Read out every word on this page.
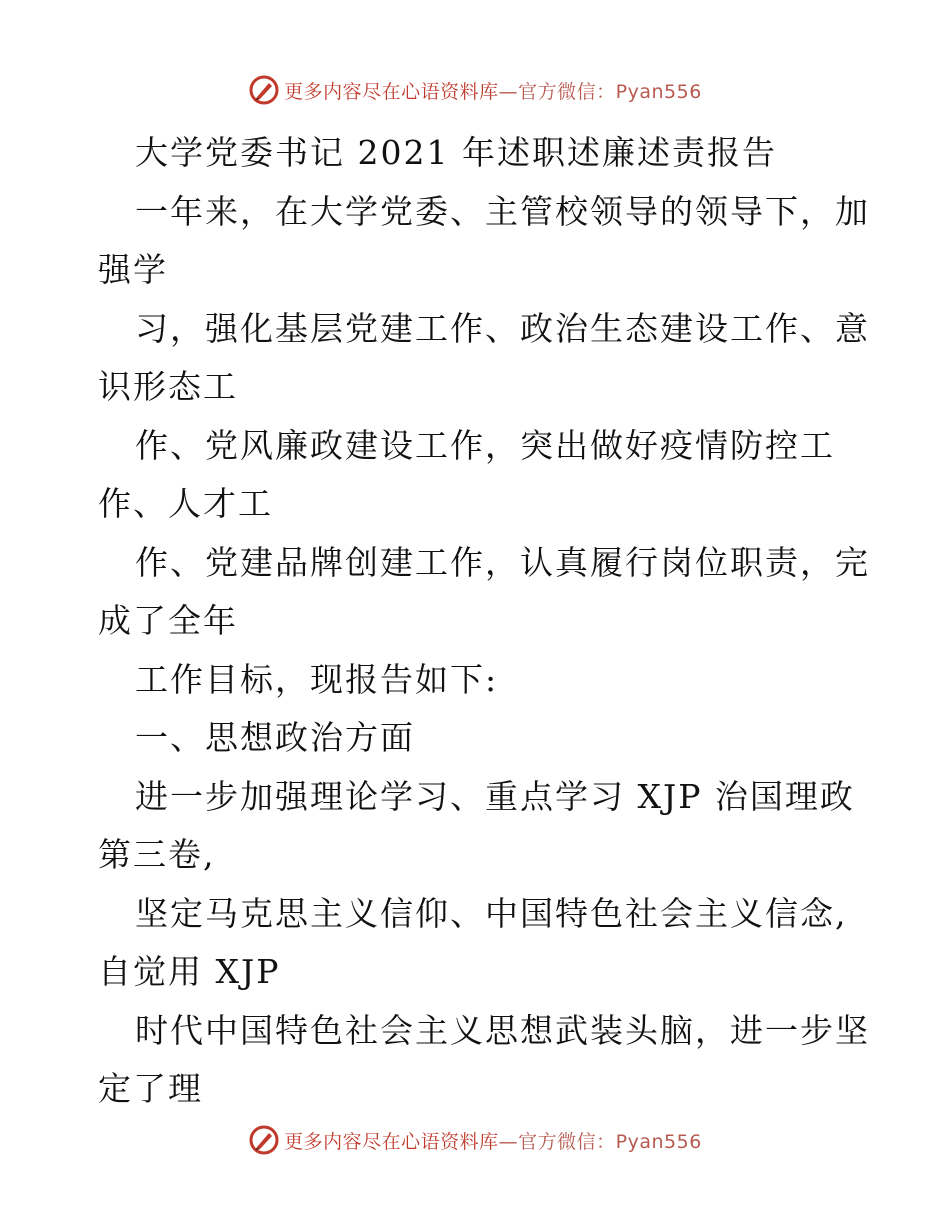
更多内容尽在心语资料库—官方微信：Pyan556
大学党委书记 2021 年述职述廉述责报告
一年来，在大学党委、主管校领导的领导下，加
强学
习，强化基层党建工作、政治生态建设工作、意
识形态工
作、党风廉政建设工作，突出做好疫情防控工
作、人才工
作、党建品牌创建工作，认真履行岗位职责，完
成了全年
工作目标，现报告如下:
一、思想政治方面
进一步加强理论学习、重点学习 XJP 治国理政
第三卷,
坚定马克思主义信仰、中国特色社会主义信念,
自觉用 XJP
时代中国特色社会主义思想武装头脑，进一步坚
定了理
更多内容尽在心语资料库—官方微信：Pyan556
